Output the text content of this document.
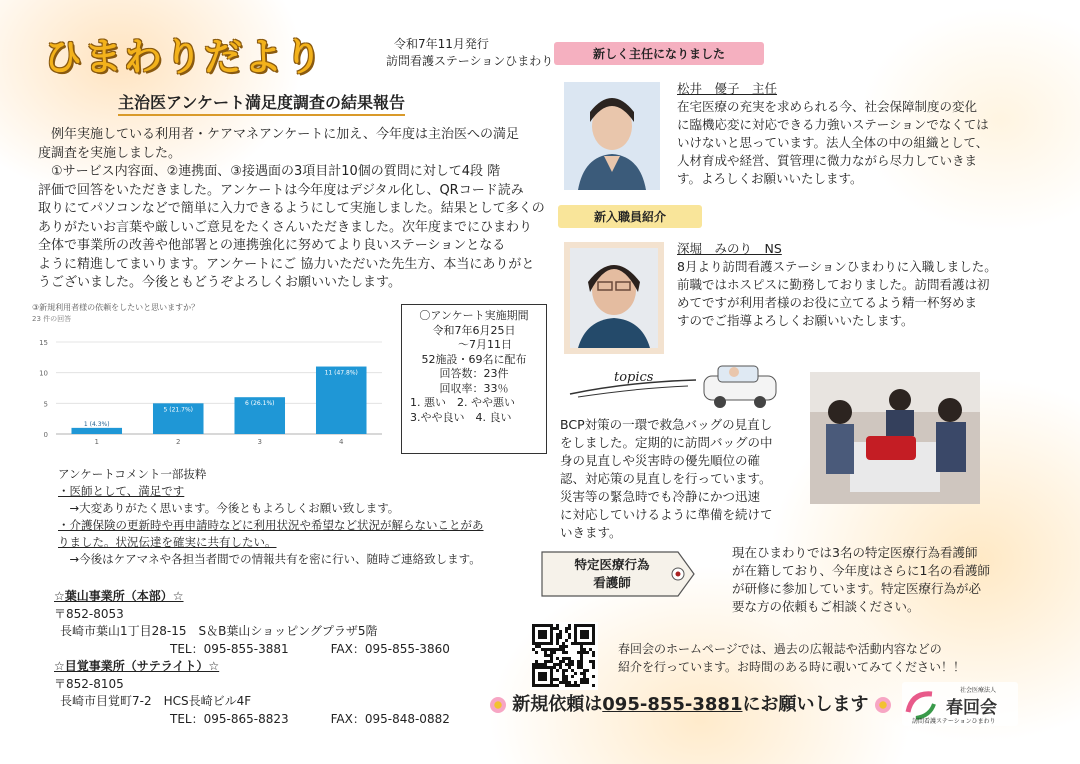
ひまわりだより	令和7年11月発行
訪問看護ステーションひまわり
主治医アンケート満足度調査の結果報告

　例年実施している利用者・ケアマネアンケートに加え、今年度は主治医への満足

度調査を実施しました。

　①サービス内容面、②連携面、③接遇面の3項目計10個の質問に対して4段 階

評価で回答をいただきました。アンケートは今年度はデジタル化し、QRコード読み

取りにてパソコンなどで簡単に入力できるようにして実施しました。結果として多くの

ありがたいお言葉や厳しいご意見をたくさんいただきました。次年度までにひまわり

全体で事業所の改善や他部署との連携強化に努めてより良いステーションとなる

ように精進してまいります。アンケートにご 協力いただいた先生方、本当にありがと

うございました。今後ともどうぞよろしくお願いいたします。

③新規利用者様の依頼をしたいと思いますか？
23 件の回答
0
5
10
15
1 (4.3%)
1
5 (21.7%)
2
6 (26.1%)
3
11 (47.8%)
4
〇アンケート実施期間
令和7年6月25日
　　～7月11日
52施設・69名に配布
回答数：23件
回収率：33％
1. 悪い　2. やや悪い
3.やや良い　4. 良い
アンケートコメント一部抜粋
・医師として、満足です
　→大変ありがたく思います。今後ともよろしくお願い致します。
・介護保険の更新時や再申請時などに利用状況や希望など状況が解らないことがあ
りました。状況伝達を確実に共有したい。
　→今後はケアマネや各担当者間での情報共有を密に行い、随時ご連絡致します。
☆葉山事業所（本部）☆
〒852-8053
長崎市葉山1丁目28-15　S＆B葉山ショッピングプラザ5階
TEL：095-855-3881	FAX：095-855-3860
☆目覚事業所（サテライト）☆
〒852-8105
長崎市目覚町7-2　HCS長崎ビル4F
TEL：095-865-8823	FAX：095-848-0882
新しく主任になりました
松井　優子　主任
在宅医療の充実を求められる今、社会保障制度の変化
に臨機応変に対応できる力強いステーションでなくては
いけないと思っています。法人全体の中の組織として、
人材育成や経営、質管理に微力ながら尽力していきま
す。よろしくお願いいたします。
新入職員紹介
深堀　みのり　NS
8月より訪問看護ステーションひまわりに入職しました。
前職ではホスピスに勤務しておりました。訪問看護は初
めてですが利用者様のお役に立てるよう精一杯努めま
すのでご指導よろしくお願いいたします。
topics
BCP対策の一環で救急バッグの見直し
をしました。定期的に訪問バッグの中
身の見直しや災害時の優先順位の確
認、対応策の見直しを行っています。
災害等の緊急時でも冷静にかつ迅速
に対応していけるように準備を続けて
いきます。
特定医療行為
看護師
現在ひまわりでは3名の特定医療行為看護師
が在籍しており、今年度はさらに1名の看護師
が研修に参加しています。特定医療行為が必
要な方の依頼もご相談ください。
春回会のホームページでは、過去の広報誌や活動内容などの
紹介を行っています。お時間のある時に覗いてみてください！！
新規依頼は095-855-3881にお願いします
社会医療法人
春回会
訪問看護ステーションひまわり
